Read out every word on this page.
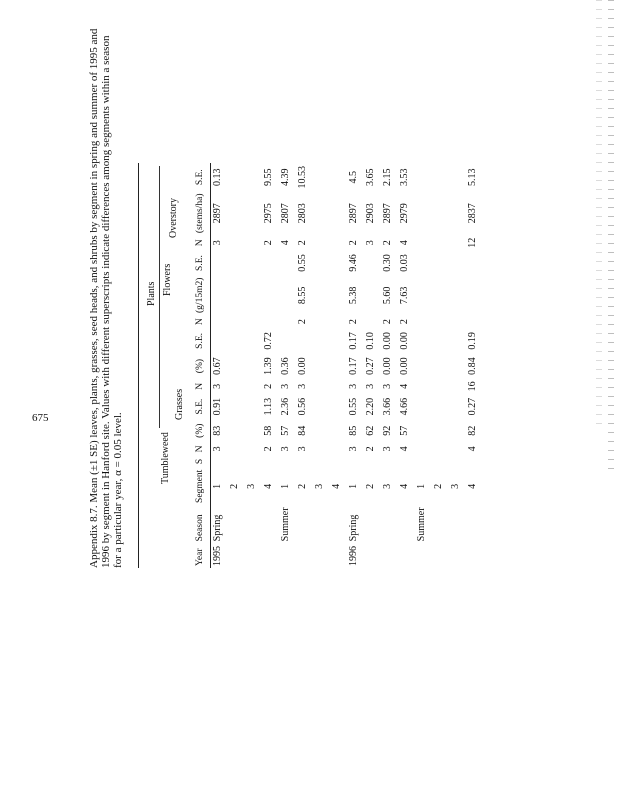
Appendix 8.7. Mean (±1 SE) leaves, plants, grasses, seed heads, and shrubs by segment in spring and summer of 1995 and 1996 by segment in Hanford site. Values with different superscripts indicate differences among segments within a season for a particular year, α = 0.05 level.
Plants
Tumbleweed
Flowers
Overstory
Grasses
Year	Season	Segment	S	N	(%)	S.E.	N	(%)	S.E.	N	(g/15m2)	S.E.	N	(stems/ha)	S.E.
1995	Spring	1		3	83	0.91	3	0.67					3	2897	0.13
		2													
		3													
		4		2	58	1.13	2	1.39	0.72				2	2975	9.55
	Summer	1		3	57	2.36	3	0.36					4	2807	4.39
		2		3	84	0.56	3	0.00		2	8.55	0.55	2	2803	10.53
		3													
		4													
1996	Spring	1		3	85	0.55	3	0.17	0.17	2	5.38	9.46	2	2897	4.5
		2		2	62	2.20	3	0.27	0.10				3	2903	3.65
		3		3	92	3.66	3	0.00	0.00	2	5.60	0.30	2	2897	2.15
		4		4	57	4.66	4	0.00	0.00	2	7.63	0.03	4	2979	3.53
	Summer	1													
		2													
		3													
		4		4	82	0.27	16	0.84	0.19				12	2837	5.13
675
